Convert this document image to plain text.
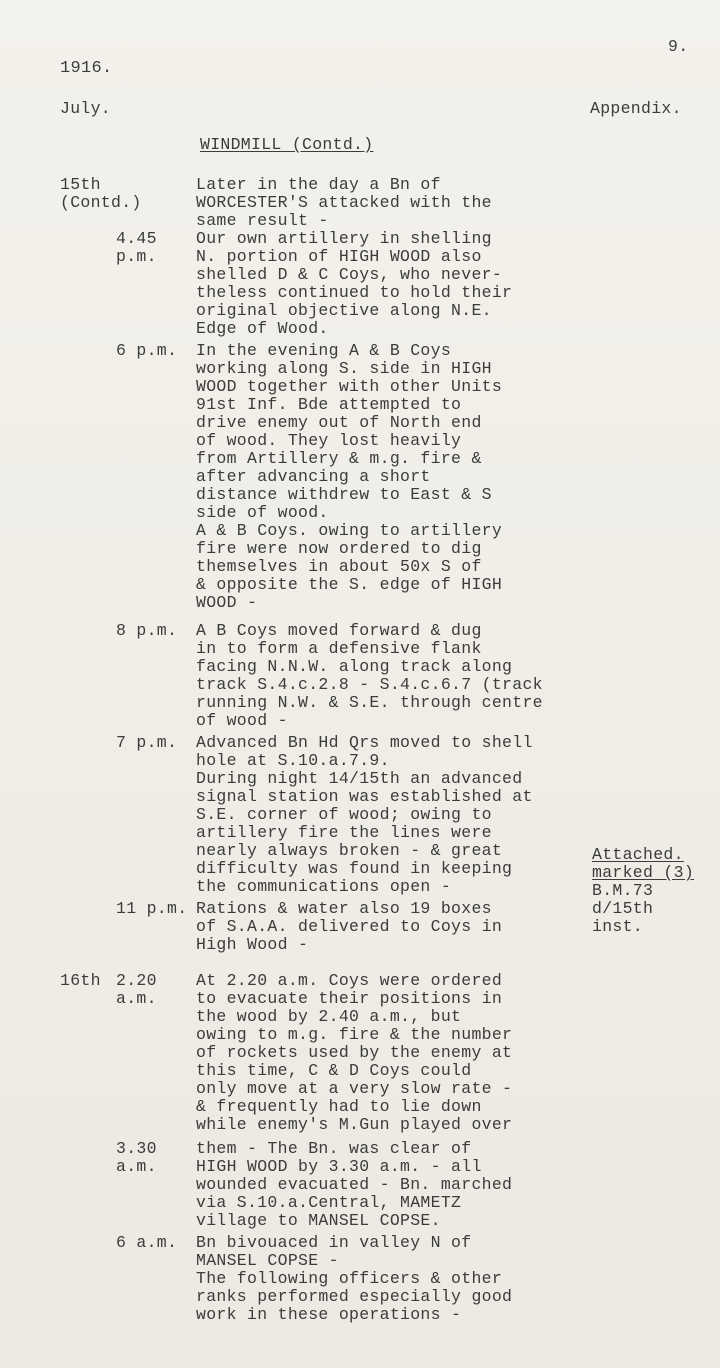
1916.
9.
July.	Appendix.
WINDMILL (Contd.)
15th
(Contd.)
4.45
p.m.
6 p.m.
8 p.m.
7 p.m.
11 p.m.
16th 2.20
a.m.
3.30
a.m.
6 a.m.
Later in the day a Bn of
WORCESTER'S attacked with the
same result -
Our own artillery in shelling
N. portion of HIGH WOOD also
shelled D & C Coys, who never-
theless continued to hold their
original objective along N.E.
Edge of Wood.
In the evening A & B Coys
working along S. side in HIGH
WOOD together with other Units
91st Inf. Bde attempted to
drive enemy out of North end
of wood. They lost heavily
from Artillery & m.g. fire &
after advancing a short
distance withdrew to East & S
side of wood.
A & B Coys. owing to artillery
fire were now ordered to dig
themselves in about 50x S of
& opposite the S. edge of HIGH
WOOD -
A B Coys moved forward & dug
in to form a defensive flank
facing N.N.W. along track along
track S.4.c.2.8 - S.4.c.6.7 (track
running N.W. & S.E. through centre
of wood -
Advanced Bn Hd Qrs moved to shell
hole at S.10.a.7.9.
During night 14/15th an advanced
signal station was established at
S.E. corner of wood; owing to
artillery fire the lines were
nearly always broken - & great
difficulty was found in keeping
the communications open -
Rations & water also 19 boxes
of S.A.A. delivered to Coys in
High Wood -
At 2.20 a.m. Coys were ordered
to evacuate their positions in
the wood by 2.40 a.m., but
owing to m.g. fire & the number
of rockets used by the enemy at
this time, C & D Coys could
only move at a very slow rate -
& frequently had to lie down
while enemy's M.Gun played over
them - The Bn. was clear of
HIGH WOOD by 3.30 a.m. - all
wounded evacuated - Bn. marched
via S.10.a.Central, MAMETZ
village to MANSEL COPSE.
Bn bivouaced in valley N of
MANSEL COPSE -
The following officers & other
ranks performed especially good
work in these operations -
Attached.
marked (3)
B.M.73
d/15th
inst.
